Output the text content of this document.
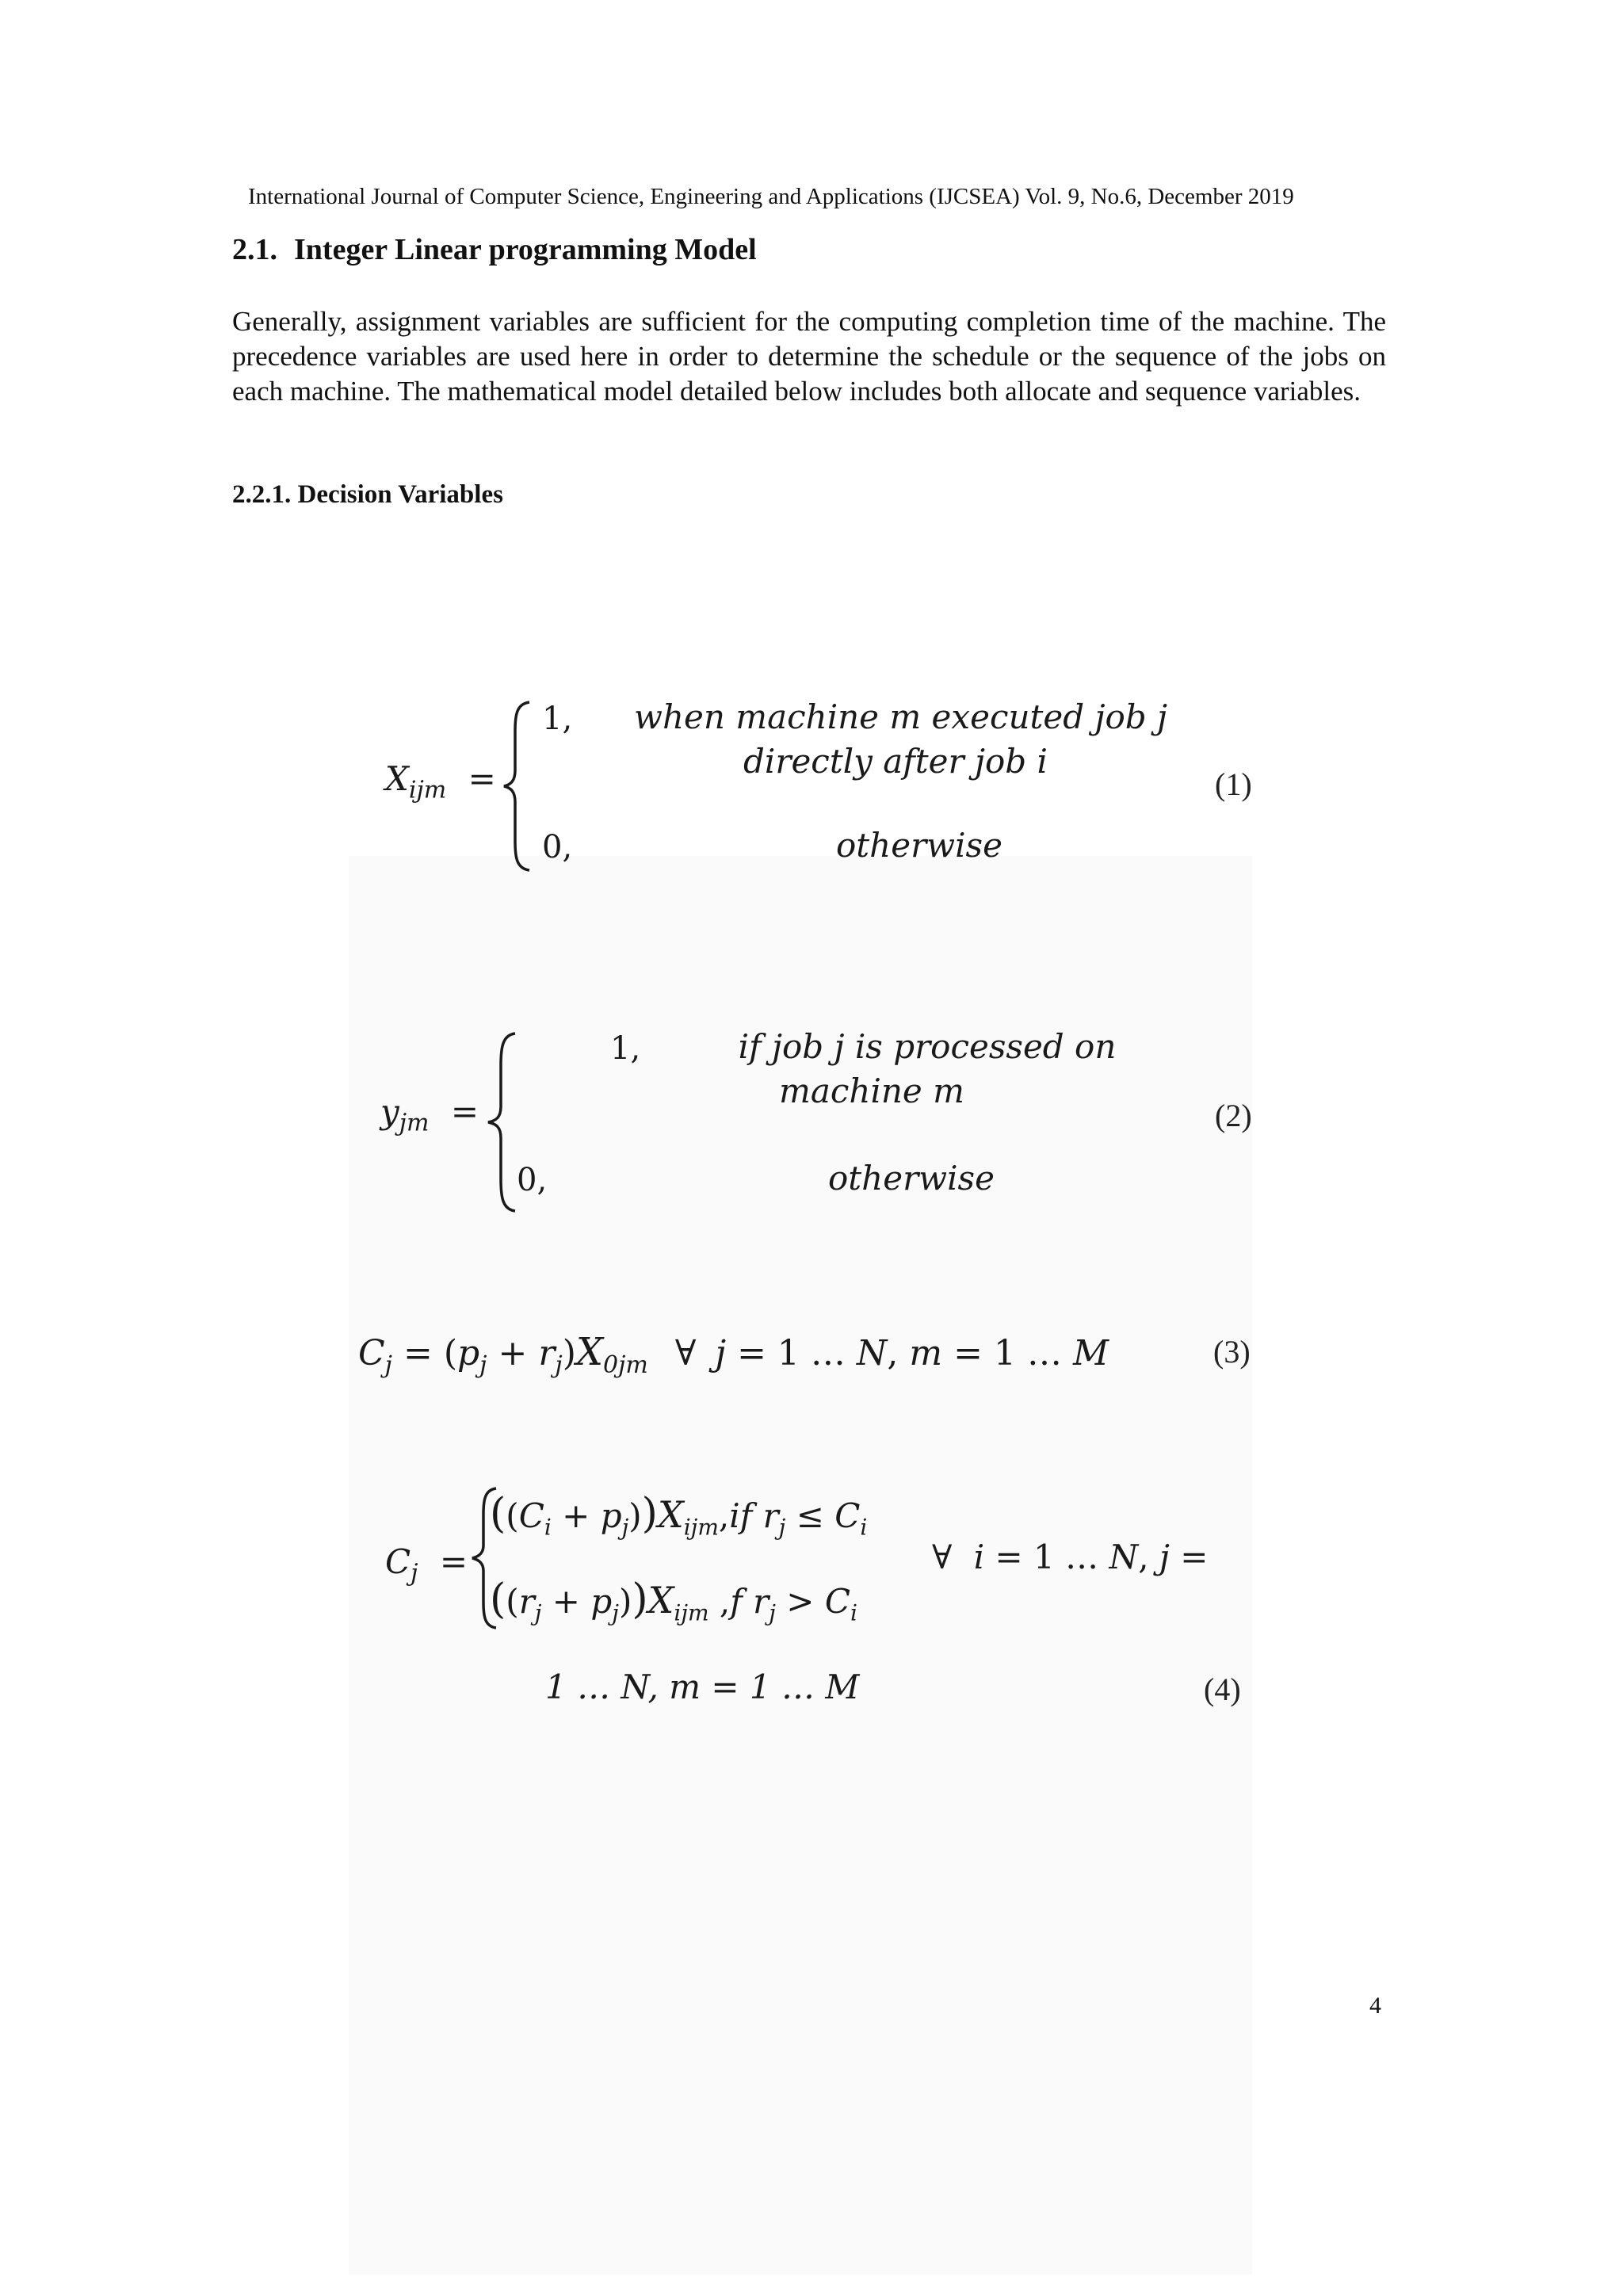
International Journal of Computer Science, Engineering and Applications (IJCSEA) Vol. 9, No.6, December 2019
2.1. Integer Linear programming Model

Generally, assignment variables are sufficient for the computing completion time of the machine. The precedence variables are used here in order to determine the schedule or the sequence of the jobs on each machine. The mathematical model detailed below includes both allocate and sequence variables.

2.2.1. Decision Variables
$X_{ijm}$ =
1, when machine m executed job j
directly after job i
0,	otherwise
(1)
$y_{jm}$ =
1,	if job j is processed on
machine m
0,	otherwise
(2)
$C_j = (p_j + r_j)X_{0jm}$ ∀ j = 1 … N, m = 1 … M	(3)
$C_j$ =
$((C_i + p_j))X_{ijm},if$ $r_j \le C_i$
$((r_j + p_j))X_{ijm}$ ,f $r_j > C_i$
∀ i = 1 … N, j =
1 … N, m = 1 … M	(4)
4
